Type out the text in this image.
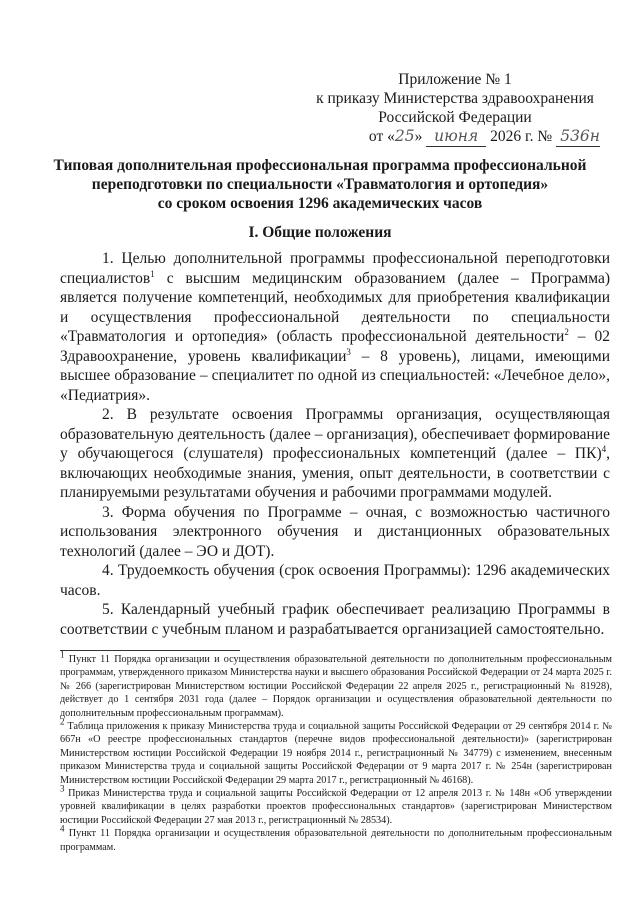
Приложение № 1
к приказу Министерства здравоохранения
Российской Федерации
от «25» июня 2026 г. № 536н
Типовая дополнительная профессиональная программа профессиональной
переподготовки по специальности «Травматология и ортопедия»
со сроком освоения 1296 академических часов
I. Общие положения

1. Целью дополнительной программы профессиональной переподготовки специалистов$^1$ с высшим медицинским образованием (далее – Программа) является получение компетенций, необходимых для приобретения квалификации и осуществления профессиональной деятельности по специальности «Травматология и ортопедия» (область профессиональной деятельности$^2$ – 02 Здравоохранение, уровень квалификации$^3$ – 8 уровень), лицами, имеющими высшее образование – специалитет по одной из специальностей: «Лечебное дело», «Педиатрия».

2. В результате освоения Программы организация, осуществляющая образовательную деятельность (далее – организация), обеспечивает формирование у обучающегося (слушателя) профессиональных компетенций (далее – ПК)$^4$, включающих необходимые знания, умения, опыт деятельности, в соответствии с планируемыми результатами обучения и рабочими программами модулей.

3. Форма обучения по Программе – очная, с возможностью частичного использования электронного обучения и дистанционных образовательных технологий (далее – ЭО и ДОТ).

4. Трудоемкость обучения (срок освоения Программы): 1296 академических часов.

5. Календарный учебный график обеспечивает реализацию Программы в соответствии с учебным планом и разрабатывается организацией самостоятельно.

$^1$ Пункт 11 Порядка организации и осуществления образовательной деятельности по дополнительным профессиональным программам, утвержденного приказом Министерства науки и высшего образования Российской Федерации от 24 марта 2025 г. № 266 (зарегистрирован Министерством юстиции Российской Федерации 22 апреля 2025 г., регистрационный № 81928), действует до 1 сентября 2031 года (далее – Порядок организации и осуществления образовательной деятельности по дополнительным профессиональным программам).

$^2$ Таблица приложения к приказу Министерства труда и социальной защиты Российской Федерации от 29 сентября 2014 г. № 667н «О реестре профессиональных стандартов (перечне видов профессиональной деятельности)» (зарегистрирован Министерством юстиции Российской Федерации 19 ноября 2014 г., регистрационный № 34779) с изменением, внесенным приказом Министерства труда и социальной защиты Российской Федерации от 9 марта 2017 г. № 254н (зарегистрирован Министерством юстиции Российской Федерации 29 марта 2017 г., регистрационный № 46168).

$^3$ Приказ Министерства труда и социальной защиты Российской Федерации от 12 апреля 2013 г. № 148н «Об утверждении уровней квалификации в целях разработки проектов профессиональных стандартов» (зарегистрирован Министерством юстиции Российской Федерации 27 мая 2013 г., регистрационный № 28534).

$^4$ Пункт 11 Порядка организации и осуществления образовательной деятельности по дополнительным профессиональным программам.
